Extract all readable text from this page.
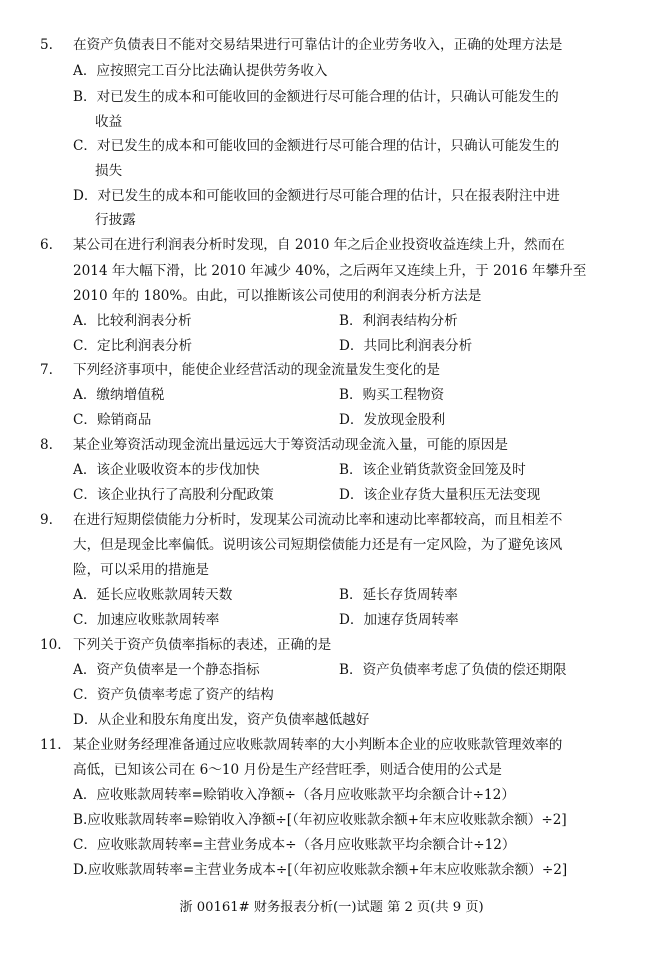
5. 在资产负债表日不能对交易结果进行可靠估计的企业劳务收入，正确的处理方法是
A．应按照完工百分比法确认提供劳务收入
B．对已发生的成本和可能收回的金额进行尽可能合理的估计，只确认可能发生的
收益
C．对已发生的成本和可能收回的金额进行尽可能合理的估计，只确认可能发生的
损失
D．对已发生的成本和可能收回的金额进行尽可能合理的估计，只在报表附注中进
行披露
6. 某公司在进行利润表分析时发现，自 2010 年之后企业投资收益连续上升，然而在
2014 年大幅下滑，比 2010 年减少 40%，之后两年又连续上升，于 2016 年攀升至
2010 年的 180%。由此，可以推断该公司使用的利润表分析方法是
A．比较利润表分析	B．利润表结构分析
C．定比利润表分析	D．共同比利润表分析
7. 下列经济事项中，能使企业经营活动的现金流量发生变化的是
A．缴纳增值税	B．购买工程物资
C．赊销商品	D．发放现金股利
8. 某企业筹资活动现金流出量远远大于筹资活动现金流入量，可能的原因是
A．该企业吸收资本的步伐加快	B．该企业销货款资金回笼及时
C．该企业执行了高股利分配政策	D．该企业存货大量积压无法变现
9. 在进行短期偿债能力分析时，发现某公司流动比率和速动比率都较高，而且相差不
大，但是现金比率偏低。说明该公司短期偿债能力还是有一定风险，为了避免该风
险，可以采用的措施是
A．延长应收账款周转天数	B．延长存货周转率
C．加速应收账款周转率	D．加速存货周转率
10. 下列关于资产负债率指标的表述，正确的是
A．资产负债率是一个静态指标	B．资产负债率考虑了负债的偿还期限
C．资产负债率考虑了资产的结构
D．从企业和股东角度出发，资产负债率越低越好
11. 某企业财务经理准备通过应收账款周转率的大小判断本企业的应收账款管理效率的
高低，已知该公司在 6～10 月份是生产经营旺季，则适合使用的公式是
A．应收账款周转率=赊销收入净额÷（各月应收账款平均余额合计÷12）
B.应收账款周转率=赊销收入净额÷[（年初应收账款余额+年末应收账款余额）÷2]
C．应收账款周转率=主营业务成本÷（各月应收账款平均余额合计÷12）
D.应收账款周转率=主营业务成本÷[（年初应收账款余额+年末应收账款余额）÷2]
浙 00161# 财务报表分析(一)试题 第 2 页(共 9 页)
